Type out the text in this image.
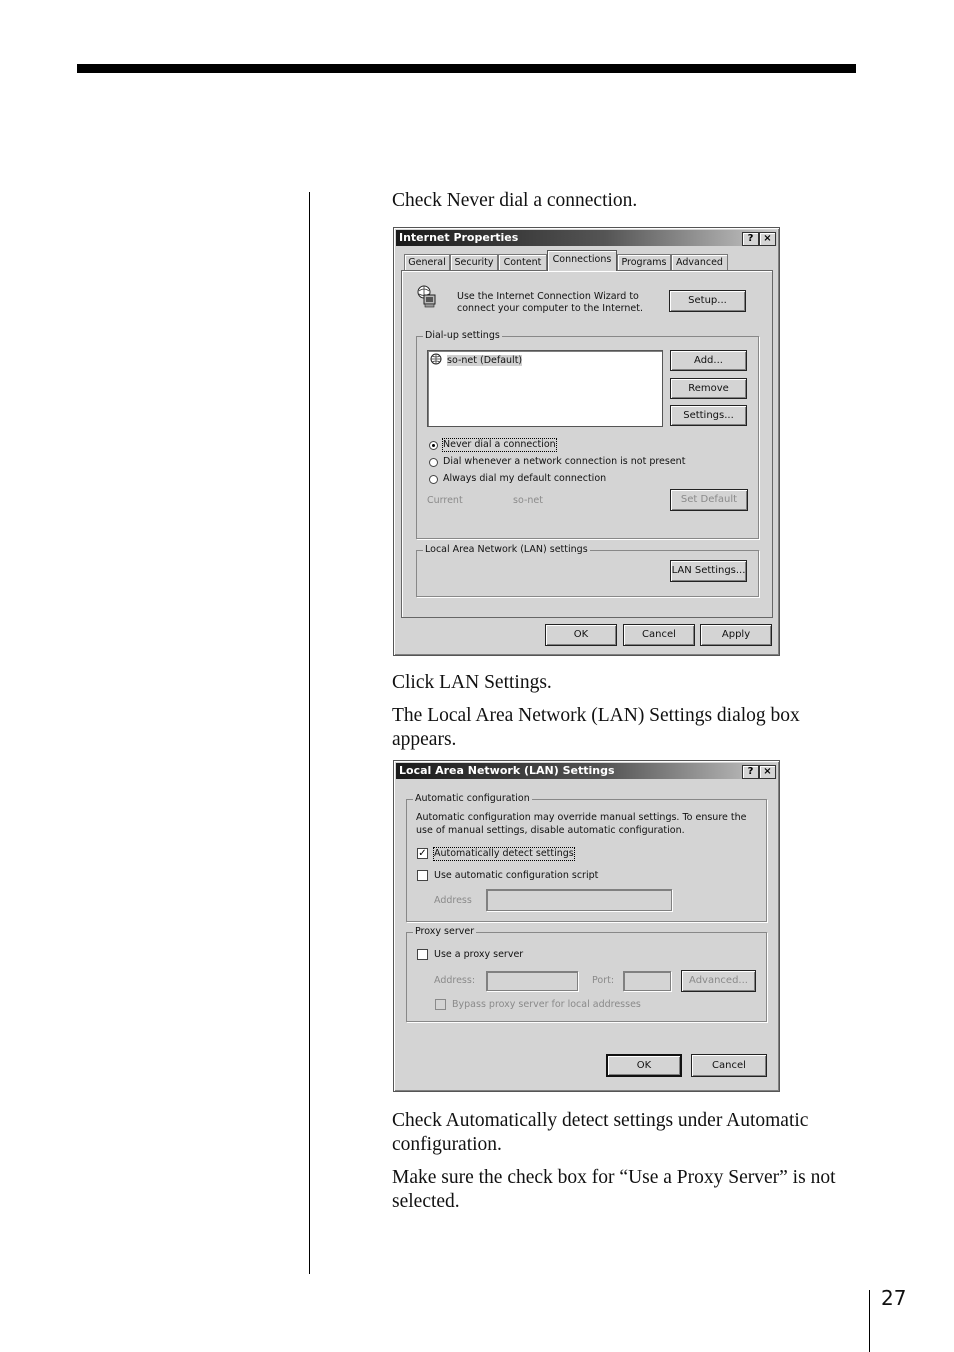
Check Never dial a connection.
Internet Properties	? ×
General Security	Content	Connections	Programs	Advanced
Use the Internet Connection Wizard to
connect your computer to the Internet.
Setup...
Dial-up settings
so-net (Default)	Add...
Remove
Settings...
Never dial a connection
Dial whenever a network connection is not present
Always dial my default connection
Current	so-net	Set Default
Local Area Network (LAN) settings
LAN Settings...
OK	Cancel	Apply
Click LAN Settings.
The Local Area Network (LAN) Settings dialog box appears.
Local Area Network (LAN) Settings	? ×
Automatic configuration
Automatic configuration may override manual settings. To ensure the
use of manual settings, disable automatic configuration.
✓ Automatically detect settings
Use automatic configuration script
Address
Proxy server
Use a proxy server
Address:	Port:	Advanced...
Bypass proxy server for local addresses
OK	Cancel
Check Automatically detect settings under Automatic configuration.
Make sure the check box for “Use a Proxy Server” is not selected.
27
